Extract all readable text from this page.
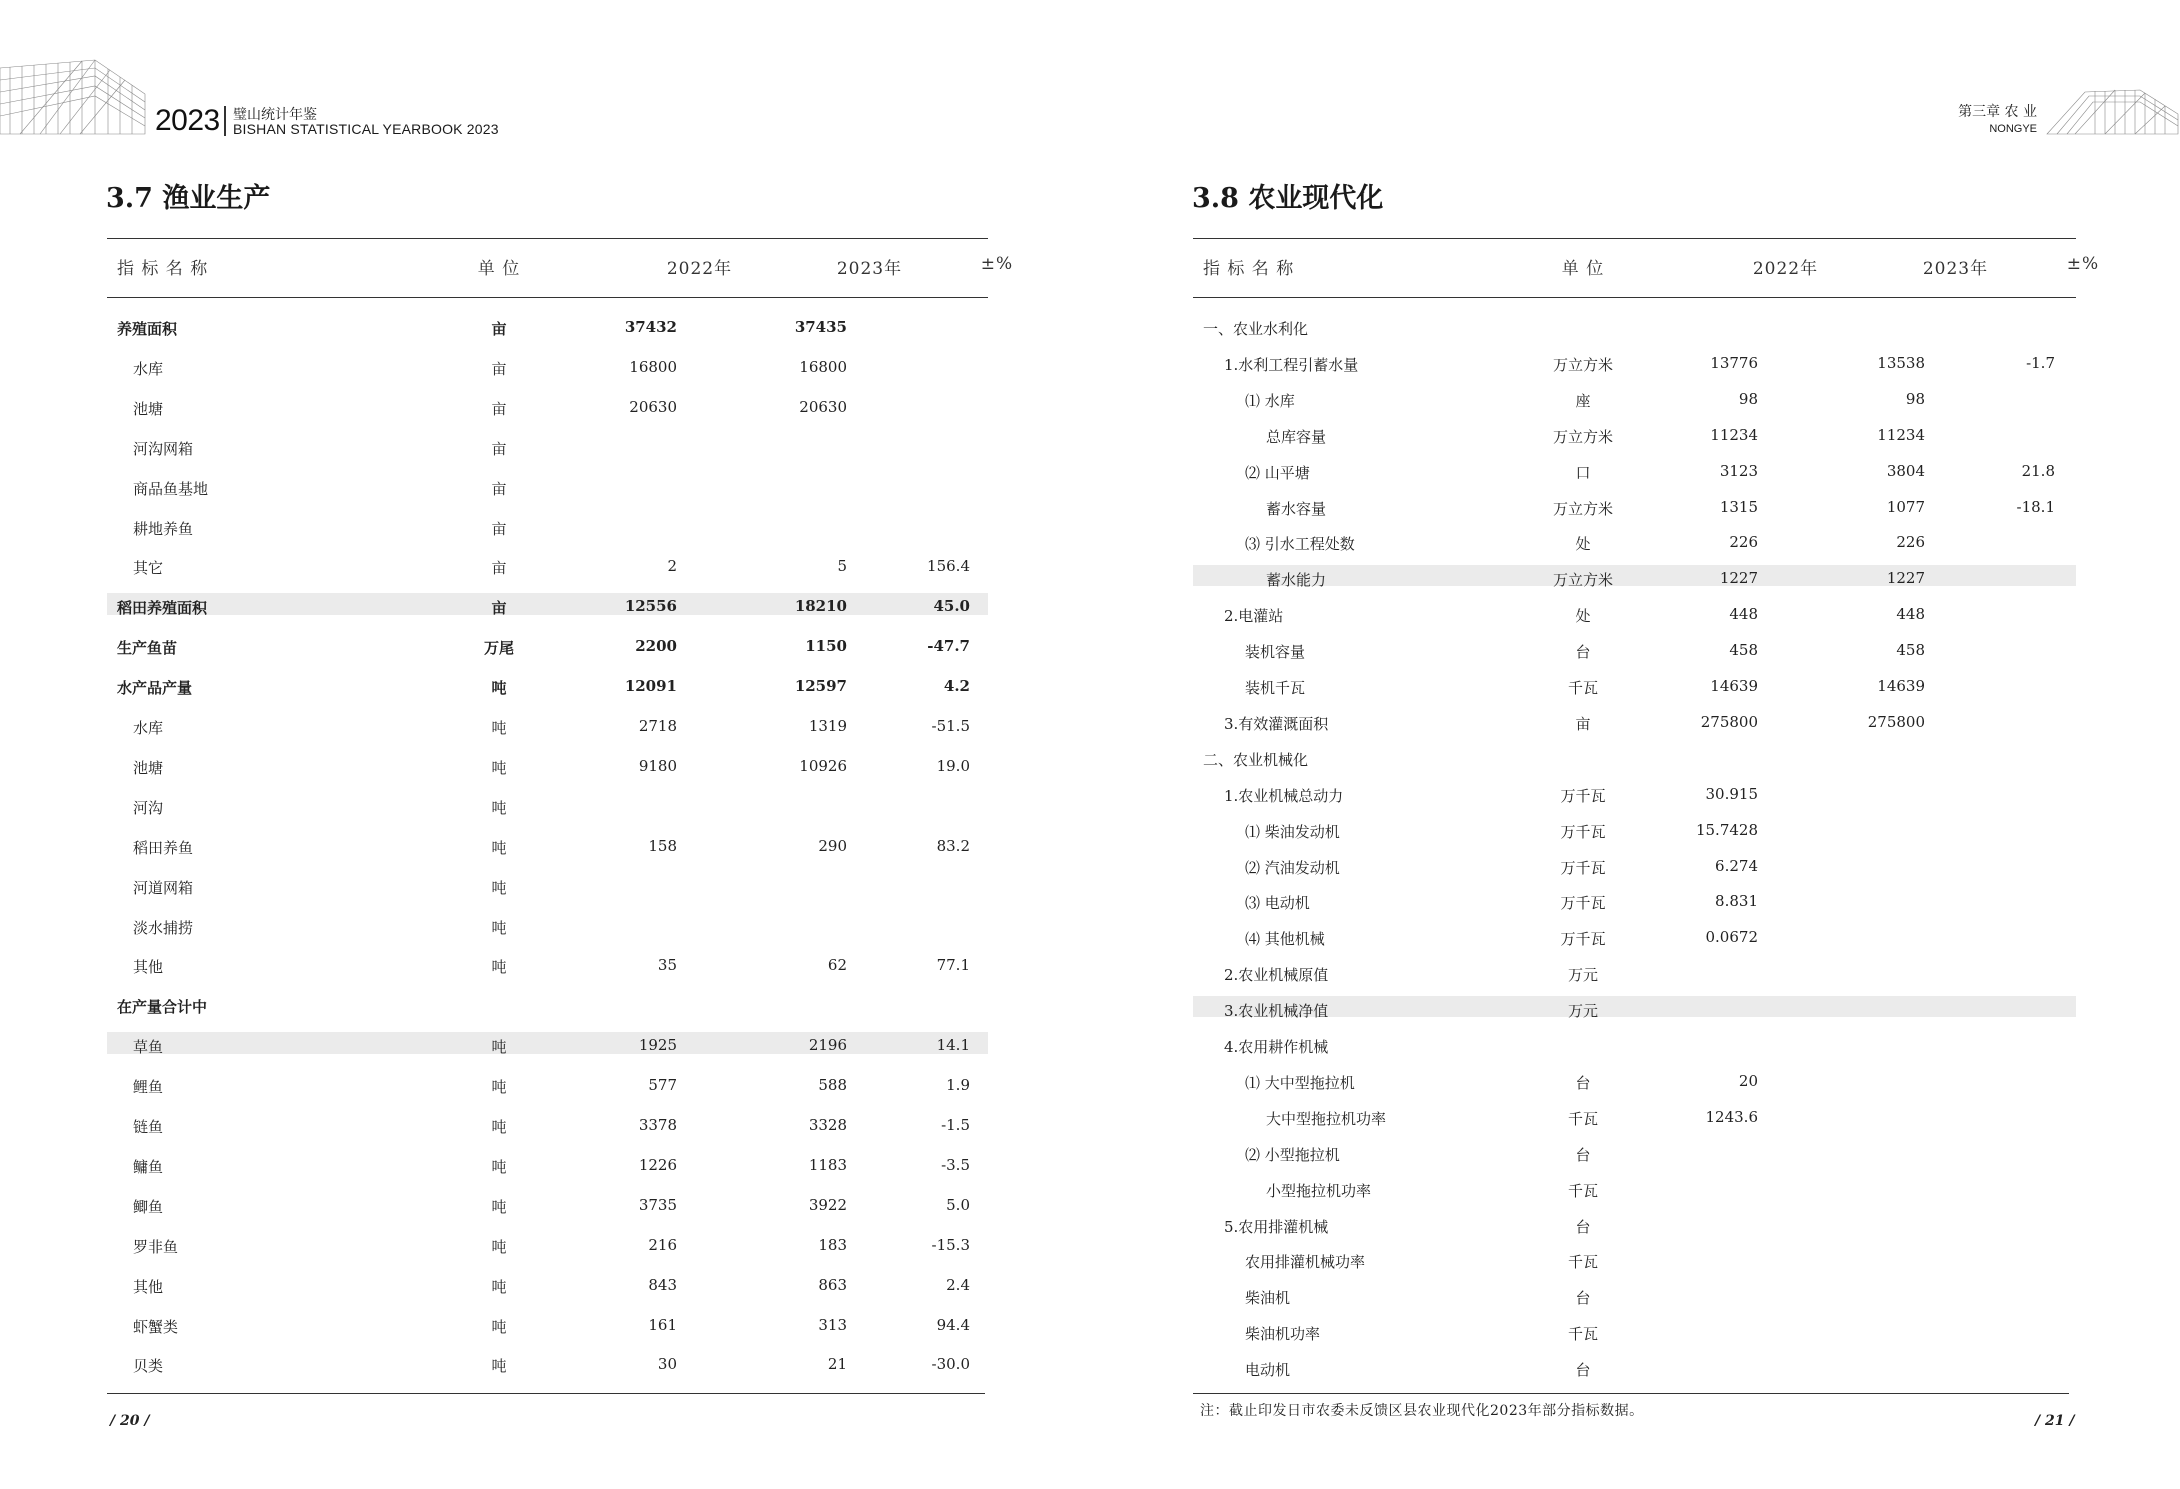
2023 璧山统计年鉴
BISHAN STATISTICAL YEARBOOK 2023
第三章 农 业
NONGYE
3.7 渔业生产	3.8 农业现代化
指 标 名 称	单 位	2022年	2023年	±%
养殖面积	亩	37432	37435
水库	亩	16800	16800
池塘	亩	20630	20630
河沟网箱	亩
商品鱼基地	亩
耕地养鱼	亩
其它	亩	2	5	156.4
稻田养殖面积	亩	12556	18210	45.0
生产鱼苗	万尾	2200	1150	-47.7
水产品产量	吨	12091	12597	4.2
水库	吨	2718	1319	-51.5
池塘	吨	9180	10926	19.0
河沟	吨
稻田养鱼	吨	158	290	83.2
河道网箱	吨
淡水捕捞	吨
其他	吨	35	62	77.1
在产量合计中
草鱼	吨	1925	2196	14.1
鲤鱼	吨	577	588	1.9
链鱼	吨	3378	3328	-1.5
鳙鱼	吨	1226	1183	-3.5
鲫鱼	吨	3735	3922	5.0
罗非鱼	吨	216	183	-15.3
其他	吨	843	863	2.4
虾蟹类	吨	161	313	94.4
贝类	吨	30	21	-30.0
指 标 名 称	单 位	2022年	2023年	±%
一、农业水利化
1.水利工程引蓄水量	万立方米	13776	13538	-1.7
⑴ 水库	座	98	98
总库容量	万立方米	11234	11234
⑵ 山平塘	口	3123	3804	21.8
蓄水容量	万立方米	1315	1077	-18.1
⑶ 引水工程处数	处	226	226
蓄水能力	万立方米	1227	1227
2.电灌站	处	448	448
装机容量	台	458	458
装机千瓦	千瓦	14639	14639
3.有效灌溉面积	亩	275800	275800
二、农业机械化
1.农业机械总动力	万千瓦	30.915
⑴ 柴油发动机	万千瓦	15.7428
⑵ 汽油发动机	万千瓦	6.274
⑶ 电动机	万千瓦	8.831
⑷ 其他机械	万千瓦	0.0672
2.农业机械原值	万元
3.农业机械净值	万元
4.农用耕作机械
⑴ 大中型拖拉机	台	20
大中型拖拉机功率	千瓦	1243.6
⑵ 小型拖拉机	台
小型拖拉机功率	千瓦
5.农用排灌机械	台
农用排灌机械功率	千瓦
柴油机	台
柴油机功率	千瓦
电动机	台
注：截止印发日市农委未反馈区县农业现代化2023年部分指标数据。
/ 20 /	/ 21 /
